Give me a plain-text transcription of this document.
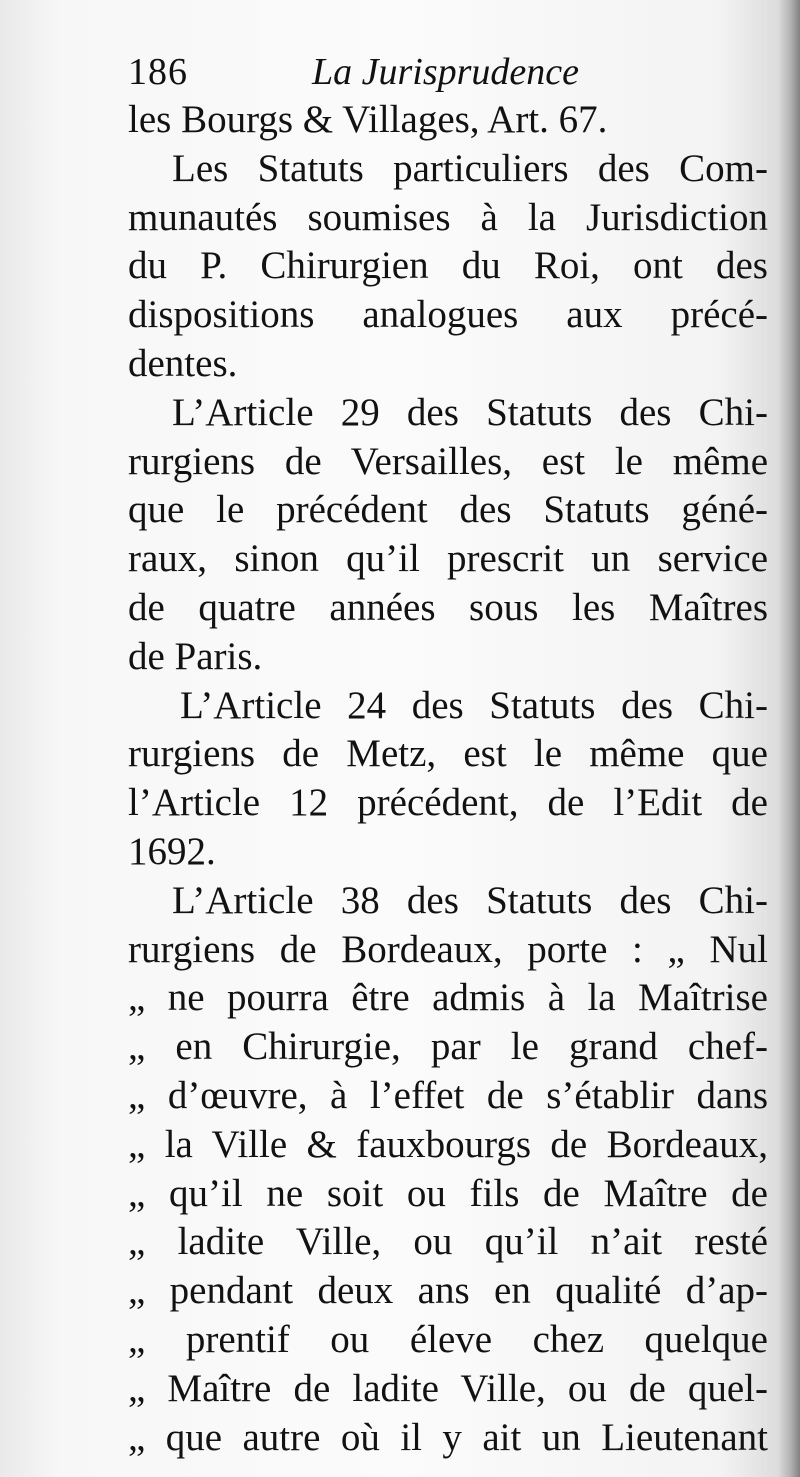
186	La Jurisprudence
les Bourgs & Villages, Art. 67.
Les Statuts particuliers des Com-
munautés soumises à la Jurisdiction
du P. Chirurgien du Roi, ont des
dispositions analogues aux précé-
dentes.
L’Article 29 des Statuts des Chi-
rurgiens de Versailles, est le même
que le précédent des Statuts géné-
raux, sinon qu’il prescrit un service
de quatre années sous les Maîtres
de Paris.
L’Article 24 des Statuts des Chi-
rurgiens de Metz, est le même que
l’Article 12 précédent, de l’Edit de
1692.
L’Article 38 des Statuts des Chi-
rurgiens de Bordeaux, porte : „ Nul
„ ne pourra être admis à la Maîtrise
„ en Chirurgie, par le grand chef-
„ d’œuvre, à l’effet de s’établir dans
„ la Ville & fauxbourgs de Bordeaux,
„ qu’il ne soit ou fils de Maître de
„ ladite Ville, ou qu’il n’ait resté
„ pendant deux ans en qualité d’ap-
„ prentif ou éleve chez quelque
„ Maître de ladite Ville, ou de quel-
„ que autre où il y ait un Lieutenant
